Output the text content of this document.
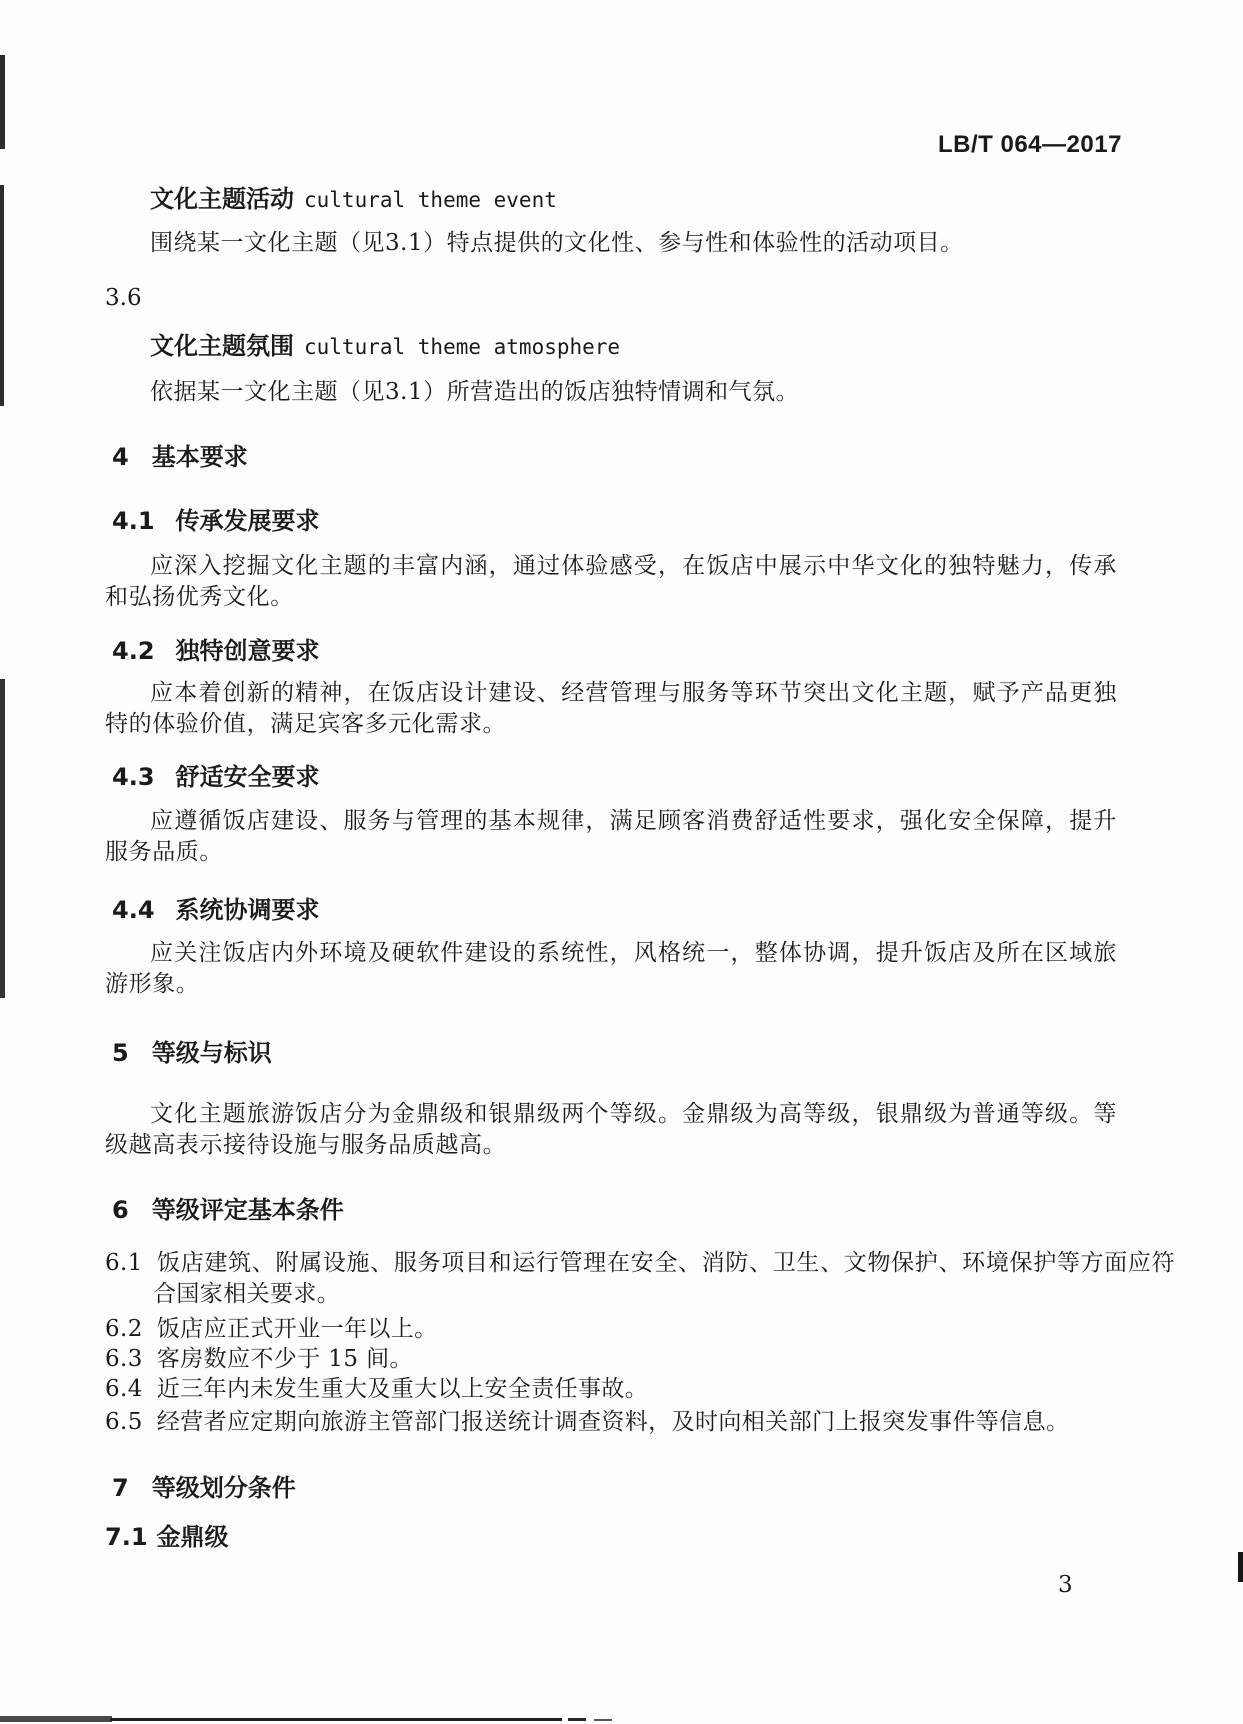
LB/T 064—2017
文化主题活动 cultural theme event
围绕某一文化主题（见3.1）特点提供的文化性、参与性和体验性的活动项目。
3.6
文化主题氛围 cultural theme atmosphere
依据某一文化主题（见3.1）所营造出的饭店独特情调和气氛。
4 基本要求
4.1 传承发展要求
应深入挖掘文化主题的丰富内涵，通过体验感受，在饭店中展示中华文化的独特魅力，传承和弘扬优秀文化。
4.2 独特创意要求
应本着创新的精神，在饭店设计建设、经营管理与服务等环节突出文化主题，赋予产品更独特的体验价值，满足宾客多元化需求。
4.3 舒适安全要求
应遵循饭店建设、服务与管理的基本规律，满足顾客消费舒适性要求，强化安全保障，提升服务品质。
4.4 系统协调要求
应关注饭店内外环境及硬软件建设的系统性，风格统一，整体协调，提升饭店及所在区域旅游形象。
5 等级与标识
文化主题旅游饭店分为金鼎级和银鼎级两个等级。金鼎级为高等级，银鼎级为普通等级。等级越高表示接待设施与服务品质越高。
6 等级评定基本条件
6.1 饭店建筑、附属设施、服务项目和运行管理在安全、消防、卫生、文物保护、环境保护等方面应符合国家相关要求。
6.2 饭店应正式开业一年以上。
6.3 客房数应不少于 15 间。
6.4 近三年内未发生重大及重大以上安全责任事故。
6.5 经营者应定期向旅游主管部门报送统计调查资料，及时向相关部门上报突发事件等信息。
7 等级划分条件
7.1 金鼎级
3
